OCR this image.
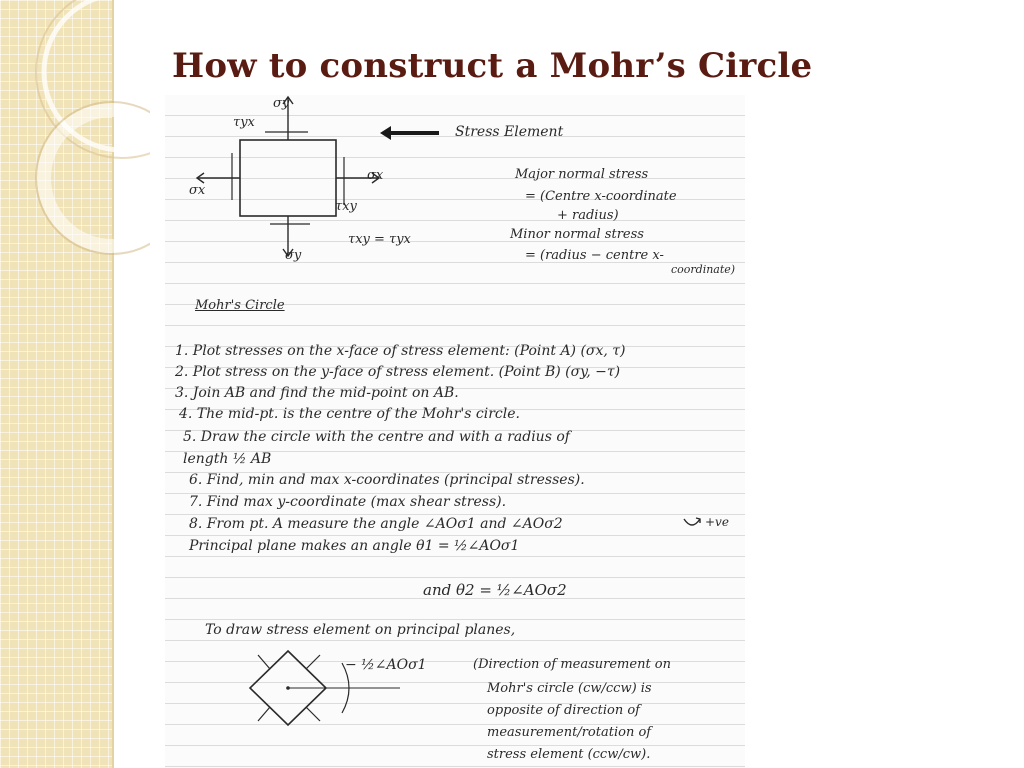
How to construct a Mohr’s Circle
σy
τyx
σx
σx
τxy
σy
τxy = τyx
Stress Element
Major normal stress
= (Centre x-coordinate
+ radius)
Minor normal stress
= (radius − centre x-
coordinate)
Mohr's Circle
1. Plot stresses on the x-face of stress element: (Point A) (σx, τ)
2. Plot stress on the y-face of stress element. (Point B) (σy, −τ)
3. Join AB and find the mid-point on AB.
4. The mid-pt. is the centre of the Mohr's circle.
5. Draw the circle with the centre and with a radius of
length ½ AB
6. Find, min and max x-coordinates (principal stresses).
7. Find max y-coordinate (max shear stress).
8. From pt. A measure the angle ∠AOσ1 and ∠AOσ2
Principal plane makes an angle θ1 = ½∠AOσ1
and θ2 = ½∠AOσ2
+ve
To draw stress element on principal planes,
− ½∠AOσ1	(Direction of measurement on
Mohr's circle (cw/ccw) is
opposite of direction of
measurement/rotation of
stress element (ccw/cw).
